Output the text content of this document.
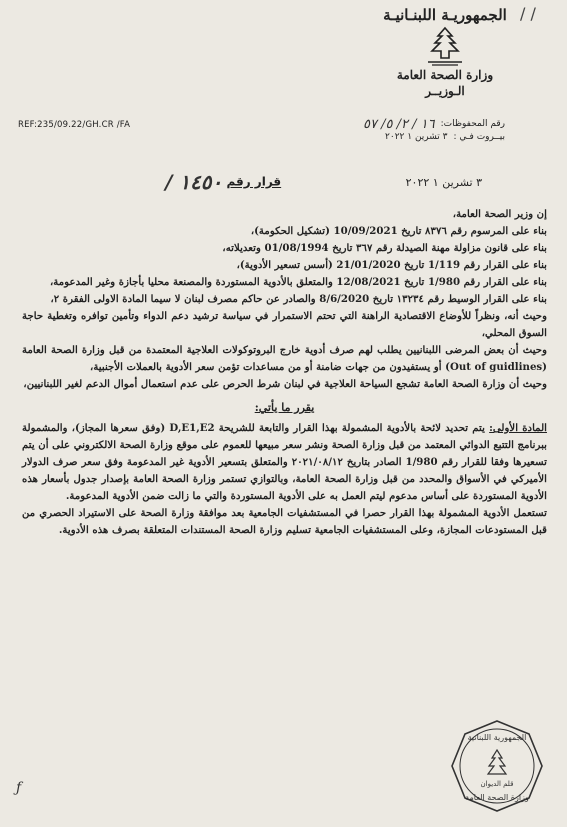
/ /
الجمهوريـة اللبنـانيـة
وزارة الصحة العامة
الـوزيــر
REF:235/09.22/GH.CR /FA	رقم المحفوظات:
١٦ / ٢/ ٥/ ٥٧
بيــروت فـي :
٣ تشرين ١ ٢٠٢٢
قرار رقم ١٤٥٠ /	٣ تشرين ١ ٢٠٢٢

إن وزير الصحة العامة،

بناء على المرسوم رقم ٨٣٧٦ تاريخ 10/09/2021 (تشكيل الحكومة)،

بناء على قانون مزاولة مهنة الصيدلة رقم ٣٦٧ تاريخ 01/08/1994 وتعديلاته،

بناء على القرار رقم 1/119 تاريخ 21/01/2020 (أسس تسعير الأدوية)،

بناء على القرار رقم 1/980 تاريخ 12/08/2021 والمتعلق بالأدوية المستوردة والمصنعة محليا بأجازة وغير المدعومة،

بناء على القرار الوسيط رقم ١٣٢٣٤ تاريخ 8/6/2020 والصادر عن حاكم مصرف لبنان لا سيما المادة الاولى الفقرة ٢،

وحيث أنه، ونظراً للأوضاع الاقتصادية الراهنة التي تحتم الاستمرار في سياسة ترشيد دعم الدواء وتأمين توافره وتغطية حاجة السوق المحلي،

وحيث أن بعض المرضى اللبنانيين يطلب لهم صرف أدوية خارج البروتوكولات العلاجية المعتمدة من قبل وزارة الصحة العامة (Out of guidlines) أو يستفيدون من جهات ضامنة أو من مساعدات تؤمن سعر الأدوية بالعملات الأجنبية،

وحيث أن وزارة الصحة العامة تشجع السياحة العلاجية في لبنان شرط الحرص على عدم استعمال أموال الدعم لغير اللبنانيين،

يقرر ما يأتي:

المادة الأولى: يتم تحديد لائحة بالأدوية المشمولة بهذا القرار والتابعة للشريحة D,E1,E2 (وفق سعرها المجاز)، والمشمولة ببرنامج التتبع الدوائي المعتمد من قبل وزارة الصحة ونشر سعر مبيعها للعموم على موقع وزارة الصحة الالكتروني على أن يتم تسعيرها وفقا للقرار رقم 1/980 الصادر بتاريخ ٢٠٢١/٠٨/١٢ والمتعلق بتسعير الأدوية غير المدعومة وفق سعر صرف الدولار الأميركي في الأسواق والمحدد من قبل وزارة الصحة العامة، وبالتوازي تستمر وزارة الصحة العامة بإصدار جدول بأسعار هذه الأدوية المستوردة على أساس مدعوم ليتم العمل به على الأدوية المستوردة والتي ما زالت ضمن الأدوية المدعومة.

تستعمل الأدوية المشمولة بهذا القرار حصرا في المستشفيات الجامعية بعد موافقة وزارة الصحة على الاستيراد الحصري من قبل المستودعات المجازة، وعلى المستشفيات الجامعية تسليم وزارة الصحة المستندات المتعلقة بصرف هذه الأدوية.

الجمهورية اللبنانية
قلم الديوان
وزارة الصحة العامة
ƒ
